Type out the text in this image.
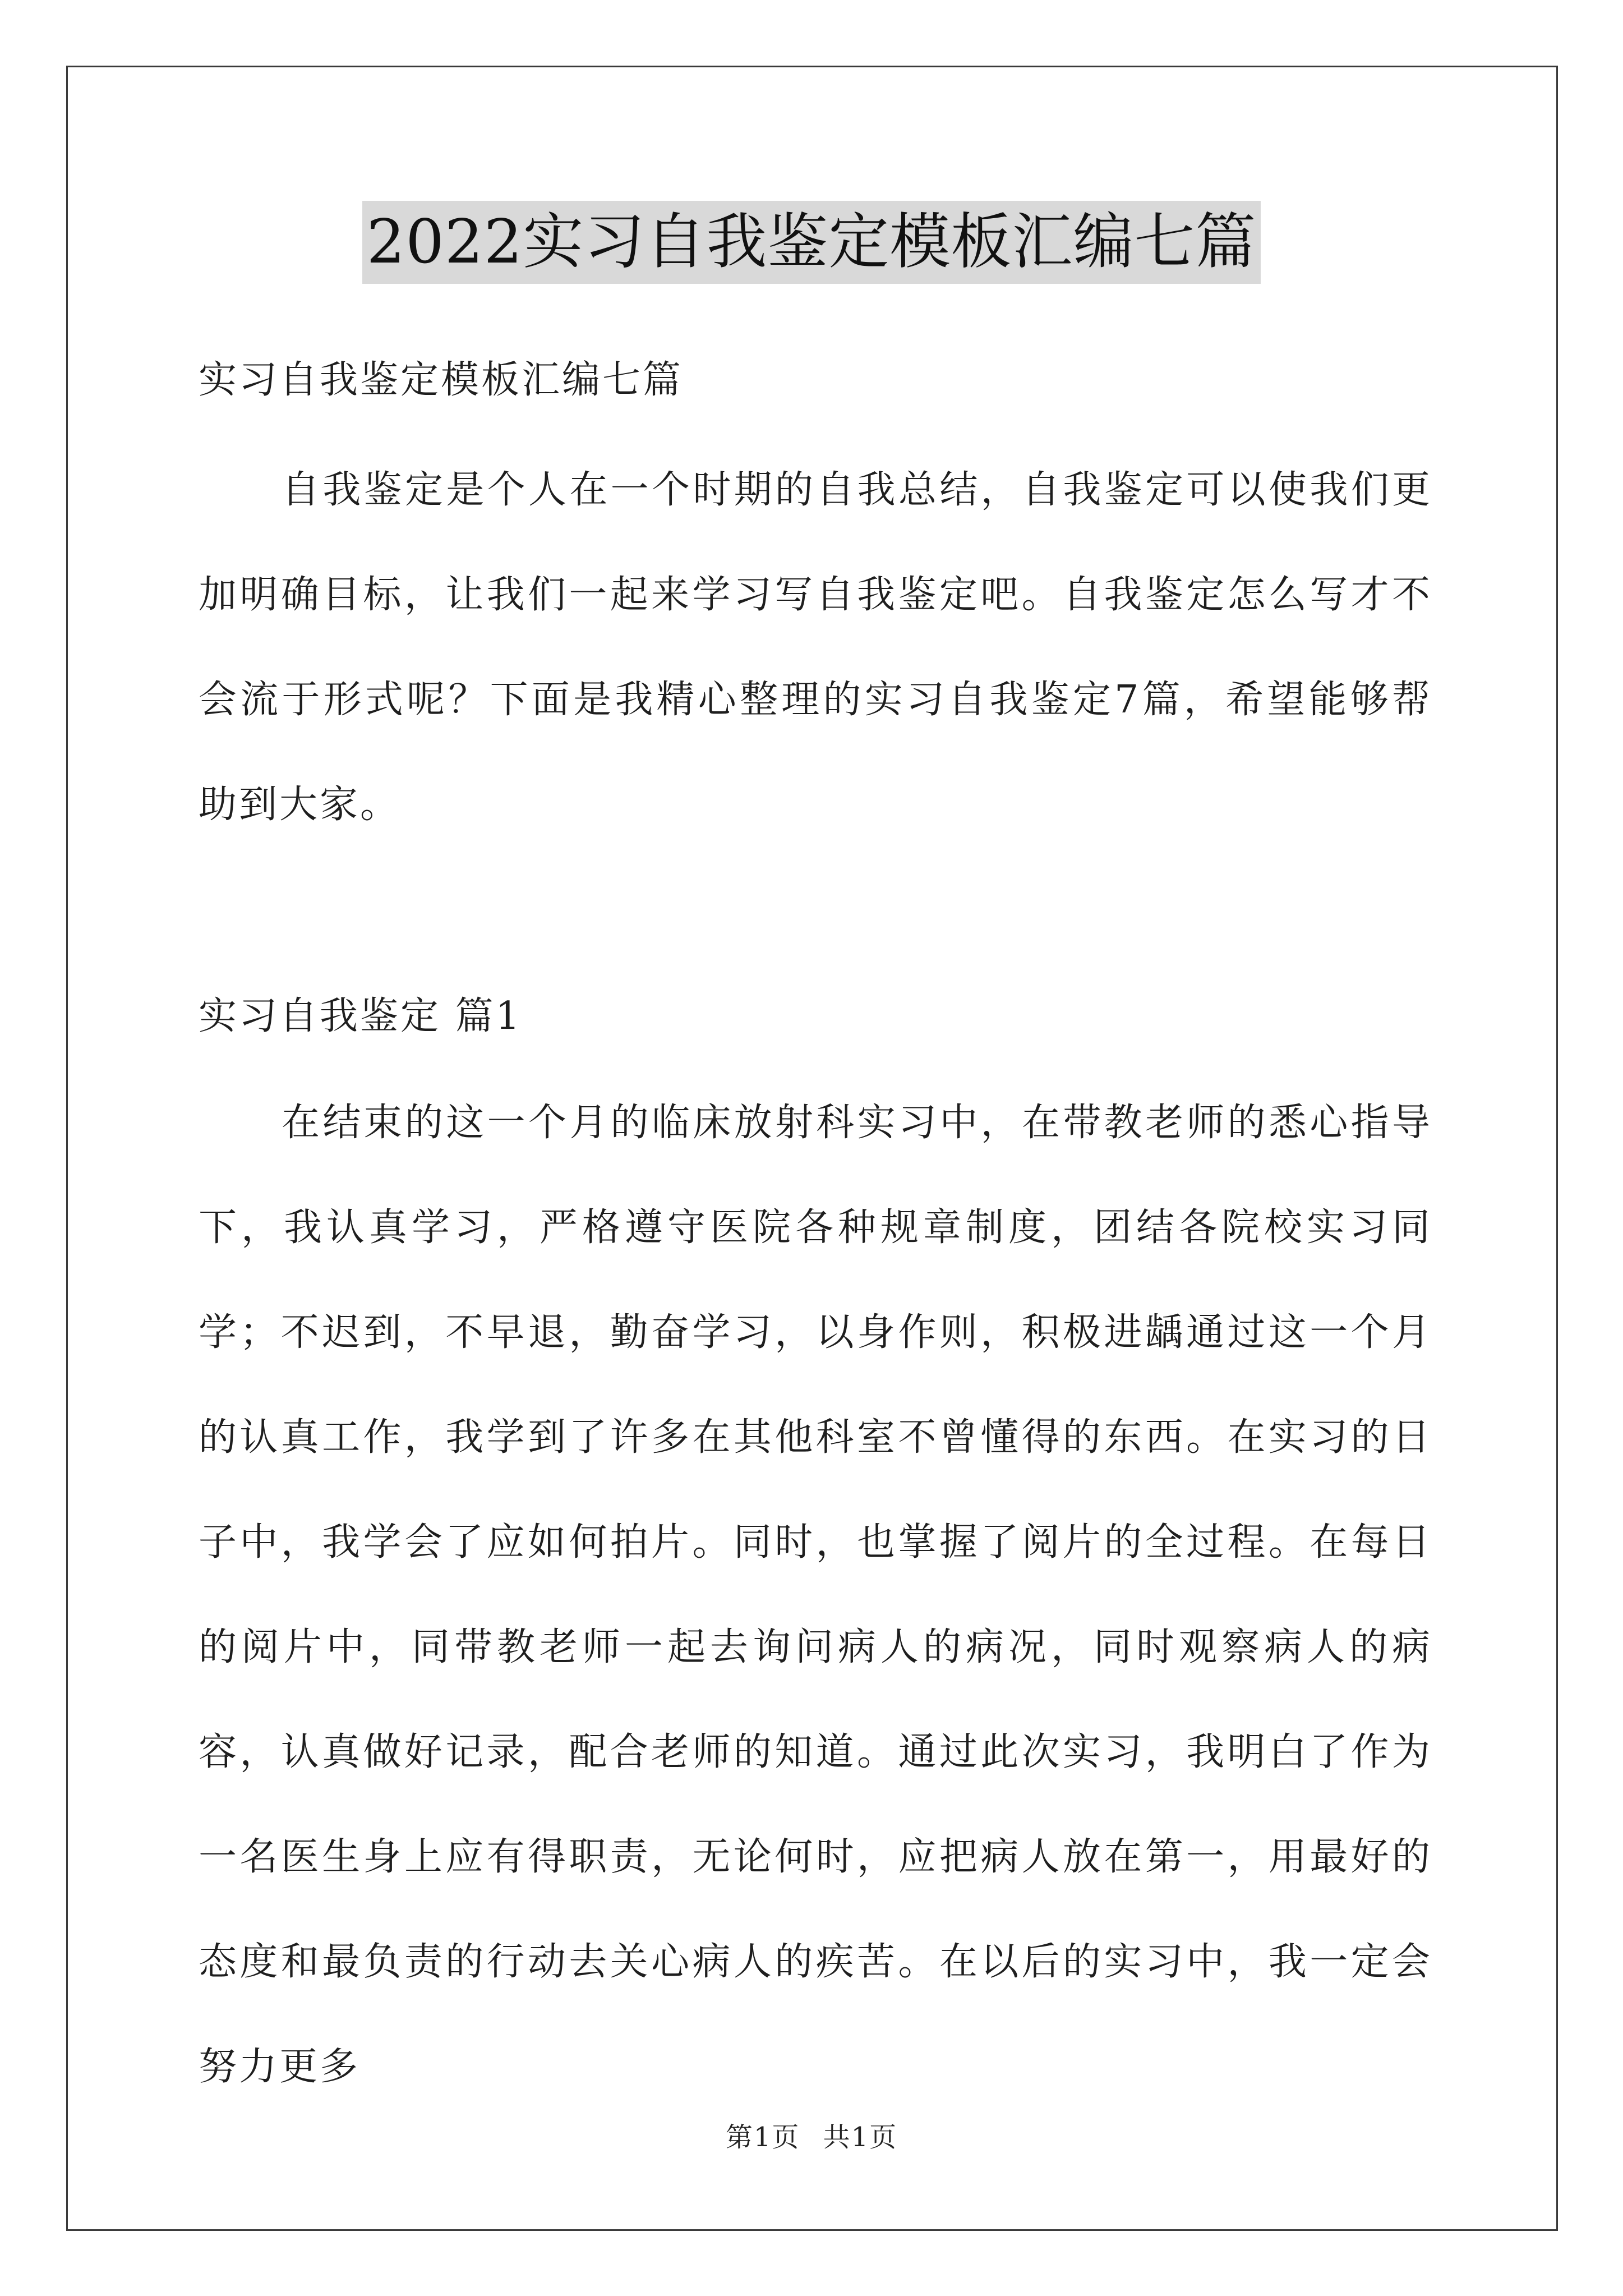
2022实习自我鉴定模板汇编七篇
实习自我鉴定模板汇编七篇
自我鉴定是个人在一个时期的自我总结，自我鉴定可以使我们更加明确目标，让我们一起来学习写自我鉴定吧。自我鉴定怎么写才不会流于形式呢？下面是我精心整理的实习自我鉴定7篇，希望能够帮助到大家。
实习自我鉴定 篇1
在结束的这一个月的临床放射科实习中，在带教老师的悉心指导下，我认真学习，严格遵守医院各种规章制度，团结各院校实习同学；不迟到，不早退，勤奋学习，以身作则，积极进龋通过这一个月的认真工作，我学到了许多在其他科室不曾懂得的东西。在实习的日子中，我学会了应如何拍片。同时，也掌握了阅片的全过程。在每日的阅片中，同带教老师一起去询问病人的病况，同时观察病人的病容，认真做好记录，配合老师的知道。通过此次实习，我明白了作为一名医生身上应有得职责，无论何时，应把病人放在第一，用最好的态度和最负责的行动去关心病人的疾苦。在以后的实习中，我一定会努力更多
第1页 共1页
